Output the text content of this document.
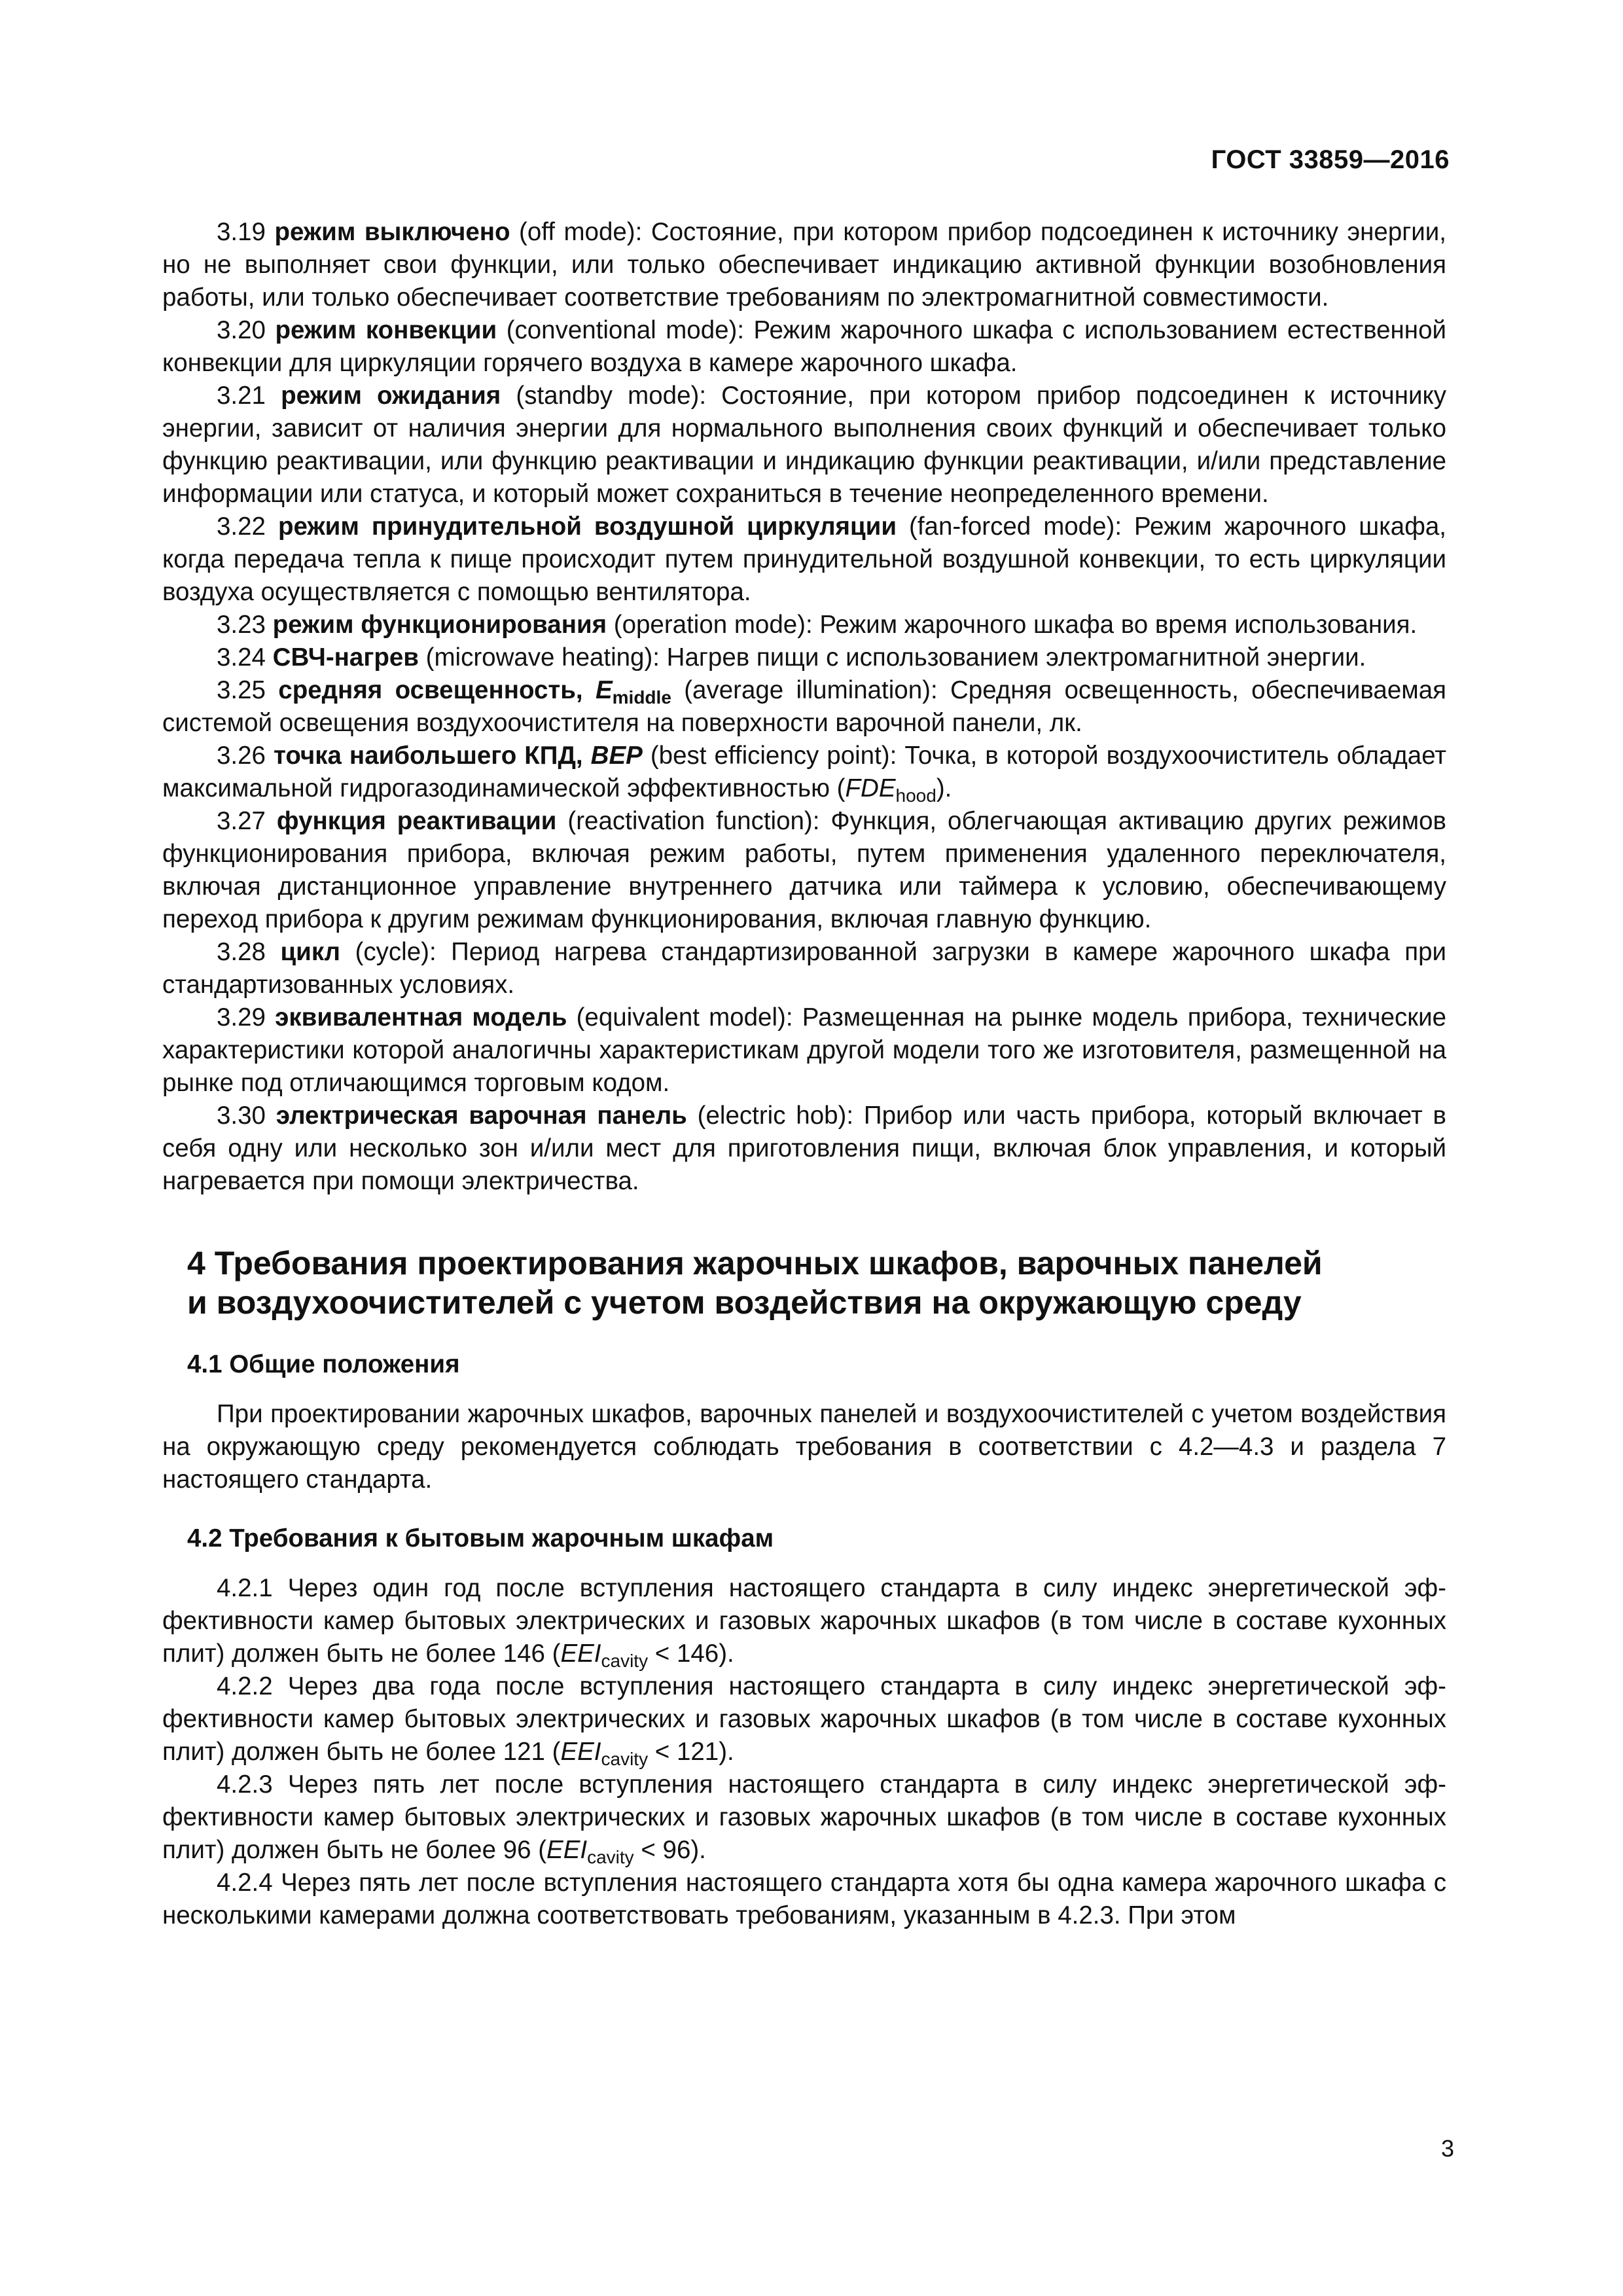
ГОСТ 33859—2016

3.19 режим выключено (off mode): Состояние, при котором прибор подсоединен к источнику энергии, но не выполняет свои функции, или только обеспечивает индикацию активной функции возобновления работы, или только обеспечивает соответствие требованиям по электромагнитной совместимости.

3.20 режим конвекции (conventional mode): Режим жарочного шкафа с использованием естественной конвекции для циркуляции горячего воздуха в камере жарочного шкафа.

3.21 режим ожидания (standby mode): Состояние, при котором прибор подсоединен к источнику энергии, зависит от наличия энергии для нормального выполнения своих функций и обеспечивает только функцию реактивации, или функцию реактивации и индикацию функции реактивации, и/или представление информации или статуса, и который может сохраниться в течение неопределенного времени.

3.22 режим принудительной воздушной циркуляции (fan-forced mode): Режим жарочного шкафа, когда передача тепла к пище происходит путем принудительной воздушной конвекции, то есть циркуляции воздуха осуществляется с помощью вентилятора.

3.23 режим функционирования (operation mode): Режим жарочного шкафа во время использования.

3.24 СВЧ-нагрев (microwave heating): Нагрев пищи с использованием электромагнитной энергии.

3.25 средняя освещенность, $E_{middle}$ (average illumination): Средняя освещенность, обеспечиваемая системой освещения воздухоочистителя на поверхности варочной панели, лк.

3.26 точка наибольшего КПД, BEP (best efficiency point): Точка, в которой воздухоочиститель обладает максимальной гидрогазодинамической эффективностью $(FDE_{hood})$.

3.27 функция реактивации (reactivation function): Функция, облегчающая активацию других режимов функционирования прибора, включая режим работы, путем применения удаленного переключателя, включая дистанционное управление внутреннего датчика или таймера к условию, обеспечивающему переход прибора к другим режимам функционирования, включая главную функцию.

3.28 цикл (cycle): Период нагрева стандартизированной загрузки в камере жарочного шкафа при стандартизованных условиях.

3.29 эквивалентная модель (equivalent model): Размещенная на рынке модель прибора, технические характеристики которой аналогичны характеристикам другой модели того же изготовителя, размещенной на рынке под отличающимся торговым кодом.

3.30 электрическая варочная панель (electric hob): Прибор или часть прибора, который включает в себя одну или несколько зон и/или мест для приготовления пищи, включая блок управления, и который нагревается при помощи электричества.

4 Требования проектирования жарочных шкафов, варочных панелей
и воздухоочистителей с учетом воздействия на окружающую среду
4.1 Общие положения

При проектировании жарочных шкафов, варочных панелей и воздухоочистителей с учетом воздействия на окружающую среду рекомендуется соблюдать требования в соответствии с 4.2—4.3 и раздела 7 настоящего стандарта.

4.2 Требования к бытовым жарочным шкафам

4.2.1 Через один год после вступления настоящего стандарта в силу индекс энергетической эффективности камер бытовых электрических и газовых жарочных шкафов (в том числе в составе кухонных плит) должен быть не более 146 $(EEI_{cavity} < 146)$.

4.2.2 Через два года после вступления настоящего стандарта в силу индекс энергетической эффективности камер бытовых электрических и газовых жарочных шкафов (в том числе в составе кухонных плит) должен быть не более 121 $(EEI_{cavity} < 121)$.

4.2.3 Через пять лет после вступления настоящего стандарта в силу индекс энергетической эффективности камер бытовых электрических и газовых жарочных шкафов (в том числе в составе кухонных плит) должен быть не более 96 $(EEI_{cavity} < 96)$.

4.2.4 Через пять лет после вступления настоящего стандарта хотя бы одна камера жарочного шкафа с несколькими камерами должна соответствовать требованиям, указанным в 4.2.3. При этом

3
